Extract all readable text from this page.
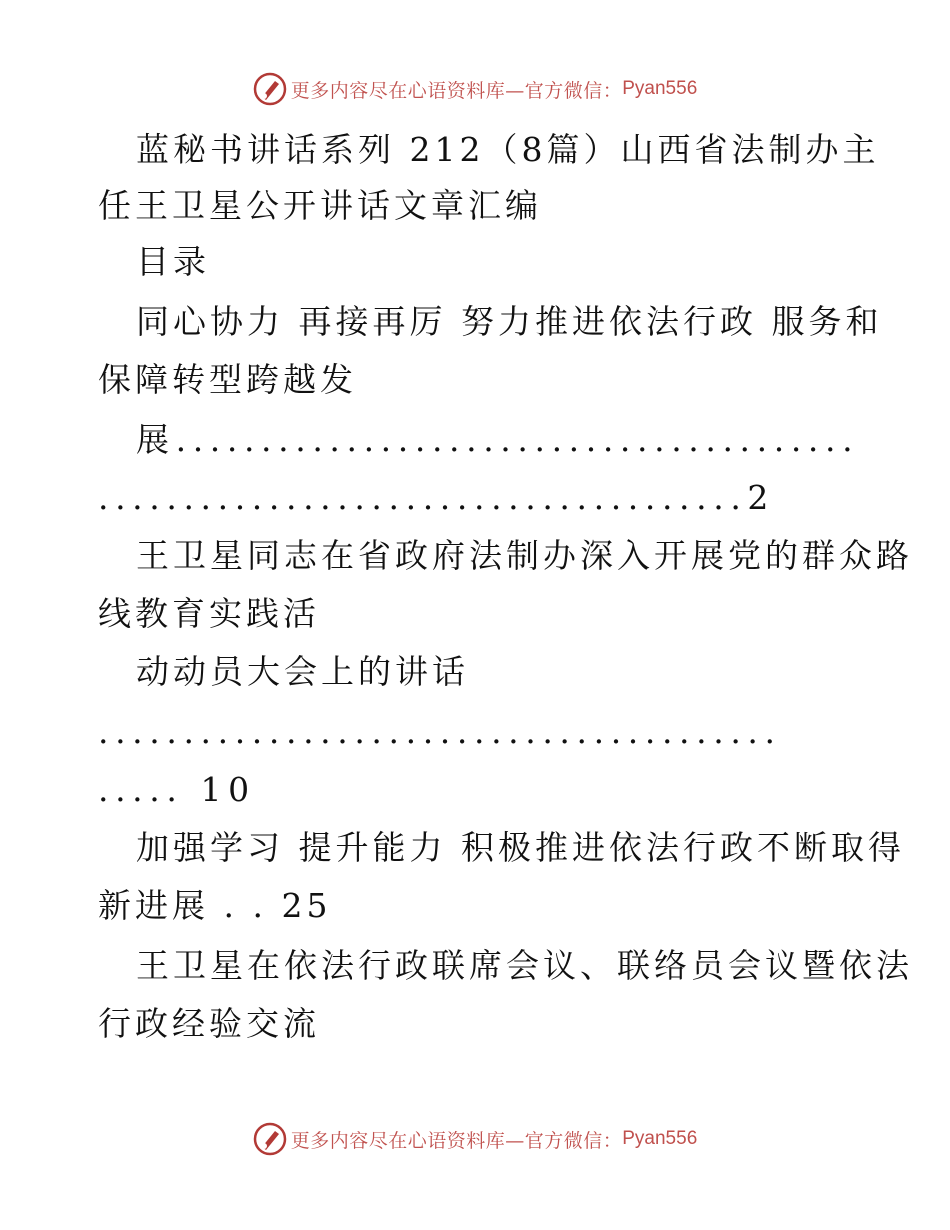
更多内容尽在心语资料库—官方微信： Pyan556
蓝秘书讲话系列 212（8篇）山西省法制办主
任王卫星公开讲话文章汇编
目录
同心协力 再接再厉 努力推进依法行政 服务和
保障转型跨越发
展........................................
......................................2
王卫星同志在省政府法制办深入开展党的群众路
线教育实践活
动动员大会上的讲话
........................................
..... 10
加强学习 提升能力 积极推进依法行政不断取得
新进展 . . 25
王卫星在依法行政联席会议、联络员会议暨依法
行政经验交流
更多内容尽在心语资料库—官方微信： Pyan556
